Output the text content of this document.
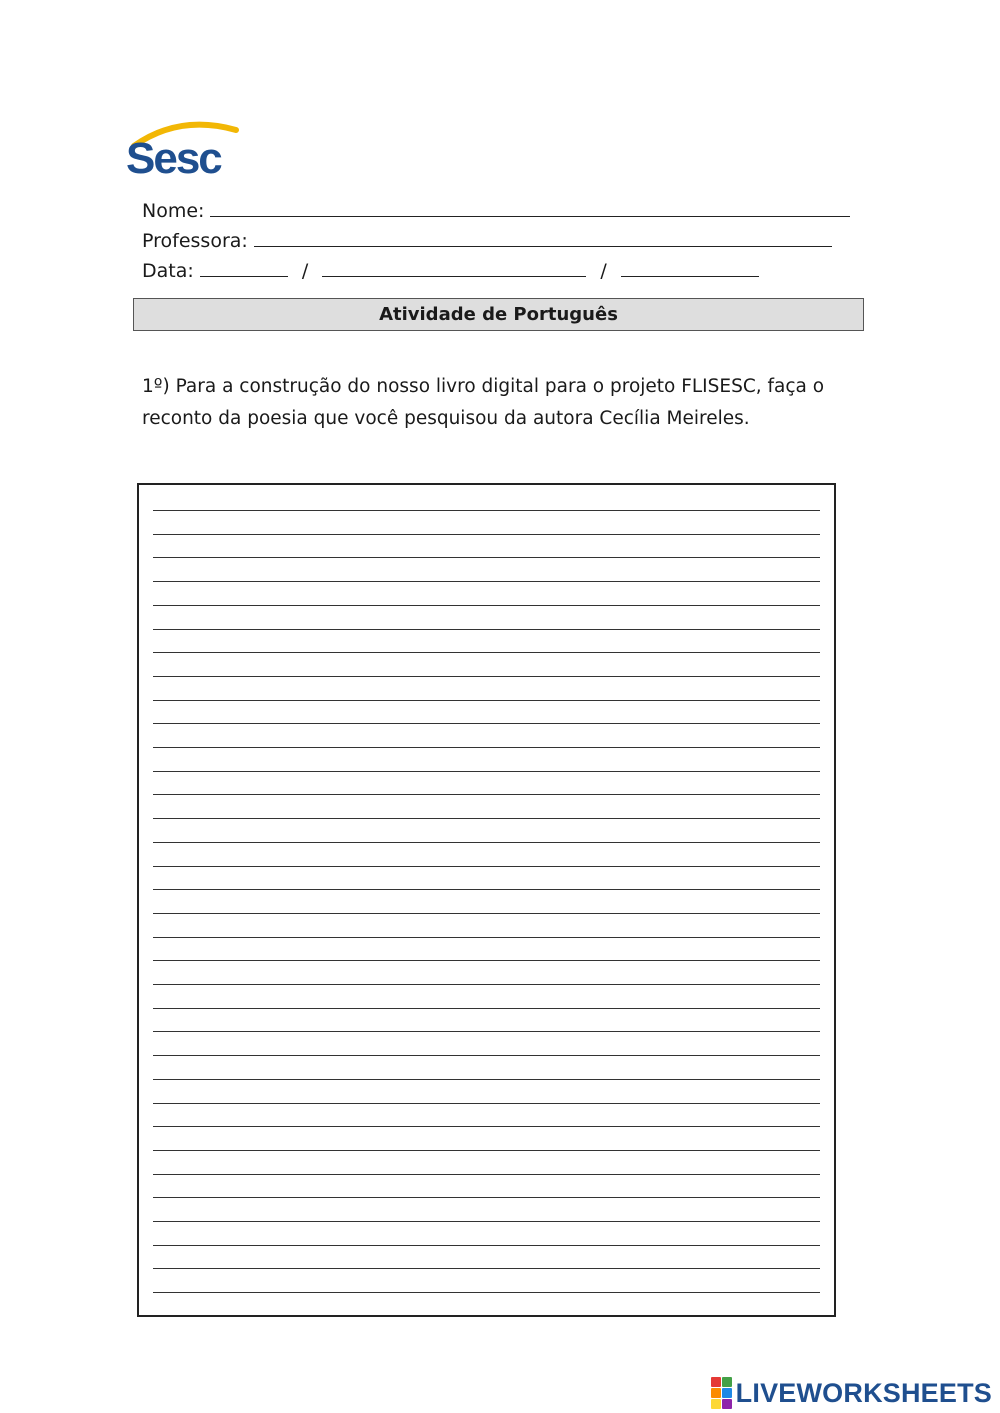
Sesc
Nome:
Professora:
Data:	/	/
Atividade de Português
1º) Para a construção do nosso livro digital para o projeto FLISESC, faça o
reconto da poesia que você pesquisou da autora Cecília Meireles.
LIVEWORKSHEETS
